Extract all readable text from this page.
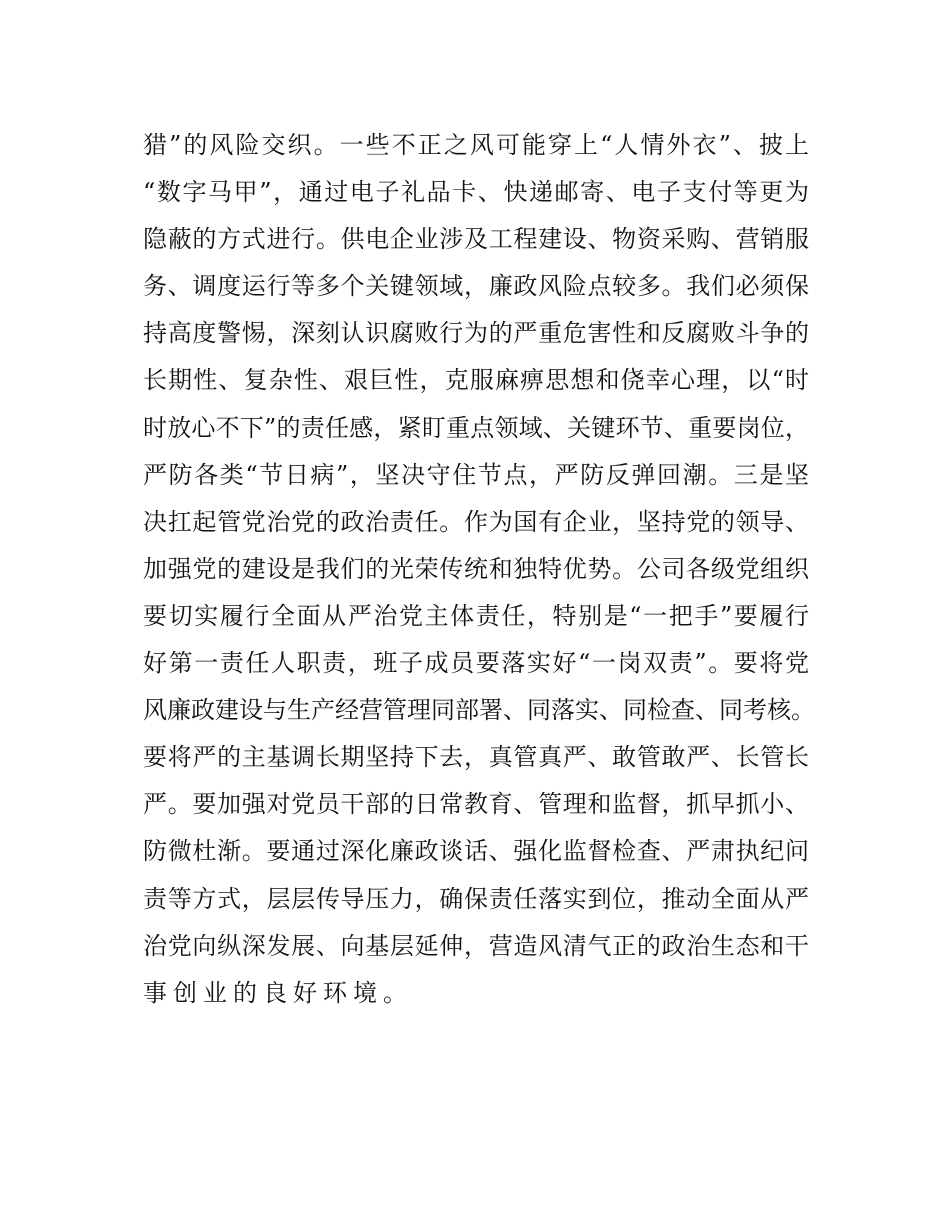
猎”的风险交织。一些不正之风可能穿上“人情外衣”、披上
“数字马甲”，通过电子礼品卡、快递邮寄、电子支付等更为
隐蔽的方式进行。供电企业涉及工程建设、物资采购、营销服
务、调度运行等多个关键领域，廉政风险点较多。我们必须保
持高度警惕，深刻认识腐败行为的严重危害性和反腐败斗争的
长期性、复杂性、艰巨性，克服麻痹思想和侥幸心理，以“时
时放心不下”的责任感，紧盯重点领域、关键环节、重要岗位，
严防各类“节日病”，坚决守住节点，严防反弹回潮。三是坚
决扛起管党治党的政治责任。作为国有企业，坚持党的领导、
加强党的建设是我们的光荣传统和独特优势。公司各级党组织
要切实履行全面从严治党主体责任，特别是“一把手”要履行
好第一责任人职责，班子成员要落实好“一岗双责”。要将党
风廉政建设与生产经营管理同部署、同落实、同检查、同考核。
要将严的主基调长期坚持下去，真管真严、敢管敢严、长管长
严。要加强对党员干部的日常教育、管理和监督，抓早抓小、
防微杜渐。要通过深化廉政谈话、强化监督检查、严肃执纪问
责等方式，层层传导压力，确保责任落实到位，推动全面从严
治党向纵深发展、向基层延伸，营造风清气正的政治生态和干
事创业的良好环境。
